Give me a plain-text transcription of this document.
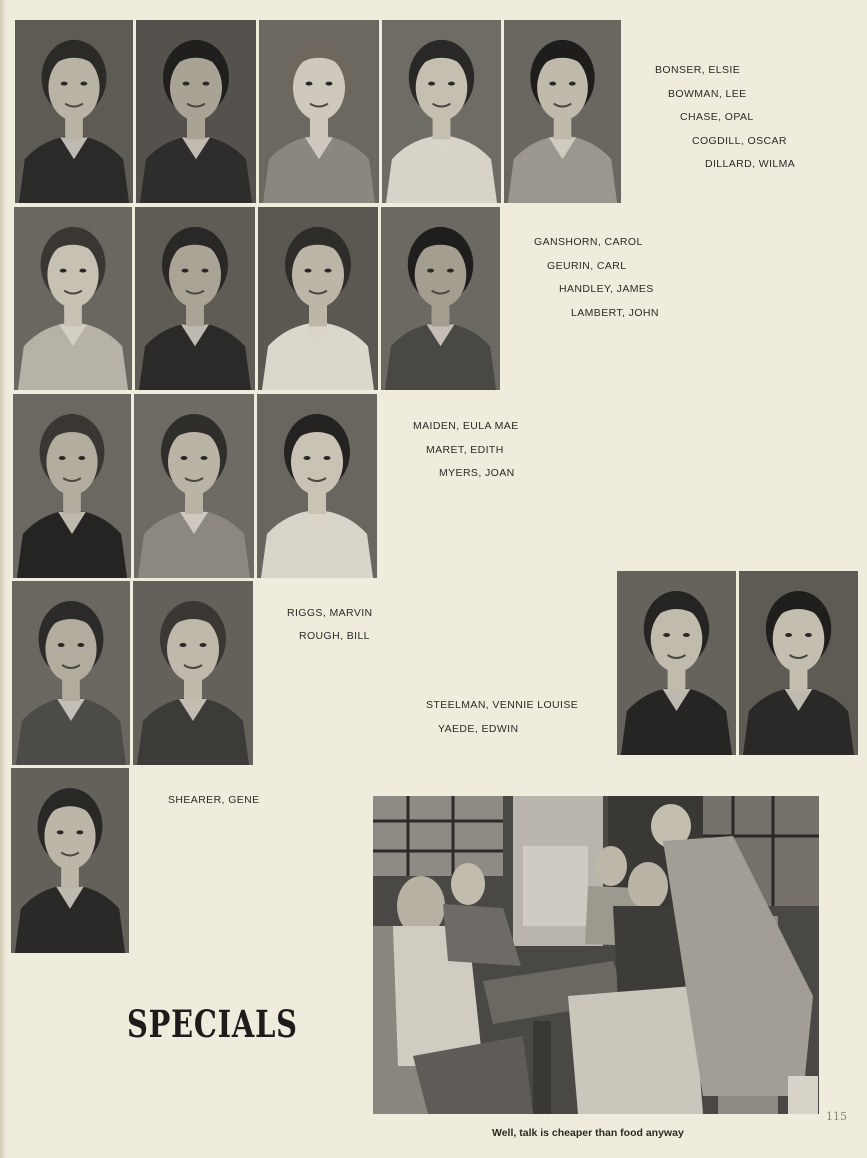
BONSER, ELSIE
BOWMAN, LEE
CHASE, OPAL
COGDILL, OSCAR
DILLARD, WILMA
GANSHORN, CAROL
GEURIN, CARL
HANDLEY, JAMES
LAMBERT, JOHN
MAIDEN, EULA MAE
MARET, EDITH
MYERS, JOAN
RIGGS, MARVIN
ROUGH, BILL
SHEARER, GENE
STEELMAN, VENNIE LOUISE
YAEDE, EDWIN
SPECIALS
115
Well, talk is cheaper than food anyway
